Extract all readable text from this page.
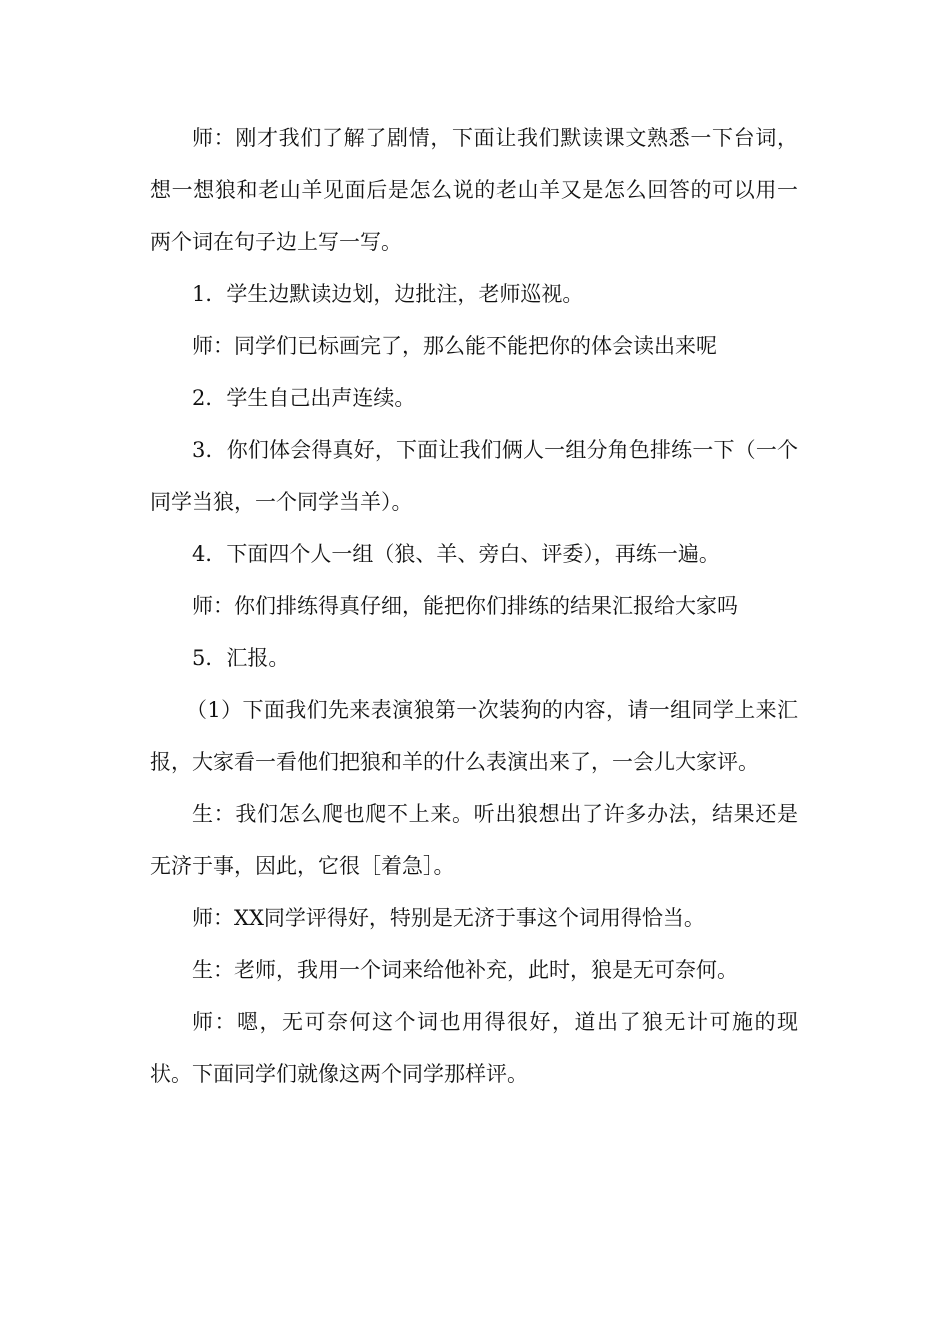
师：刚才我们了解了剧情，下面让我们默读课文熟悉一下台词，想一想狼和老山羊见面后是怎么说的老山羊又是怎么回答的可以用一两个词在句子边上写一写。

1．学生边默读边划，边批注，老师巡视。

师：同学们已标画完了，那么能不能把你的体会读出来呢

2．学生自己出声连续。

3．你们体会得真好，下面让我们俩人一组分角色排练一下（一个同学当狼，一个同学当羊）。

4．下面四个人一组（狼、羊、旁白、评委），再练一遍。

师：你们排练得真仔细，能把你们排练的结果汇报给大家吗

5．汇报。

（1）下面我们先来表演狼第一次装狗的内容，请一组同学上来汇报，大家看一看他们把狼和羊的什么表演出来了，一会儿大家评。

生：我们怎么爬也爬不上来。听出狼想出了许多办法，结果还是无济于事，因此，它很［着急］。

师：XX同学评得好，特别是无济于事这个词用得恰当。

生：老师，我用一个词来给他补充，此时，狼是无可奈何。

师：嗯，无可奈何这个词也用得很好，道出了狼无计可施的现状。下面同学们就像这两个同学那样评。
